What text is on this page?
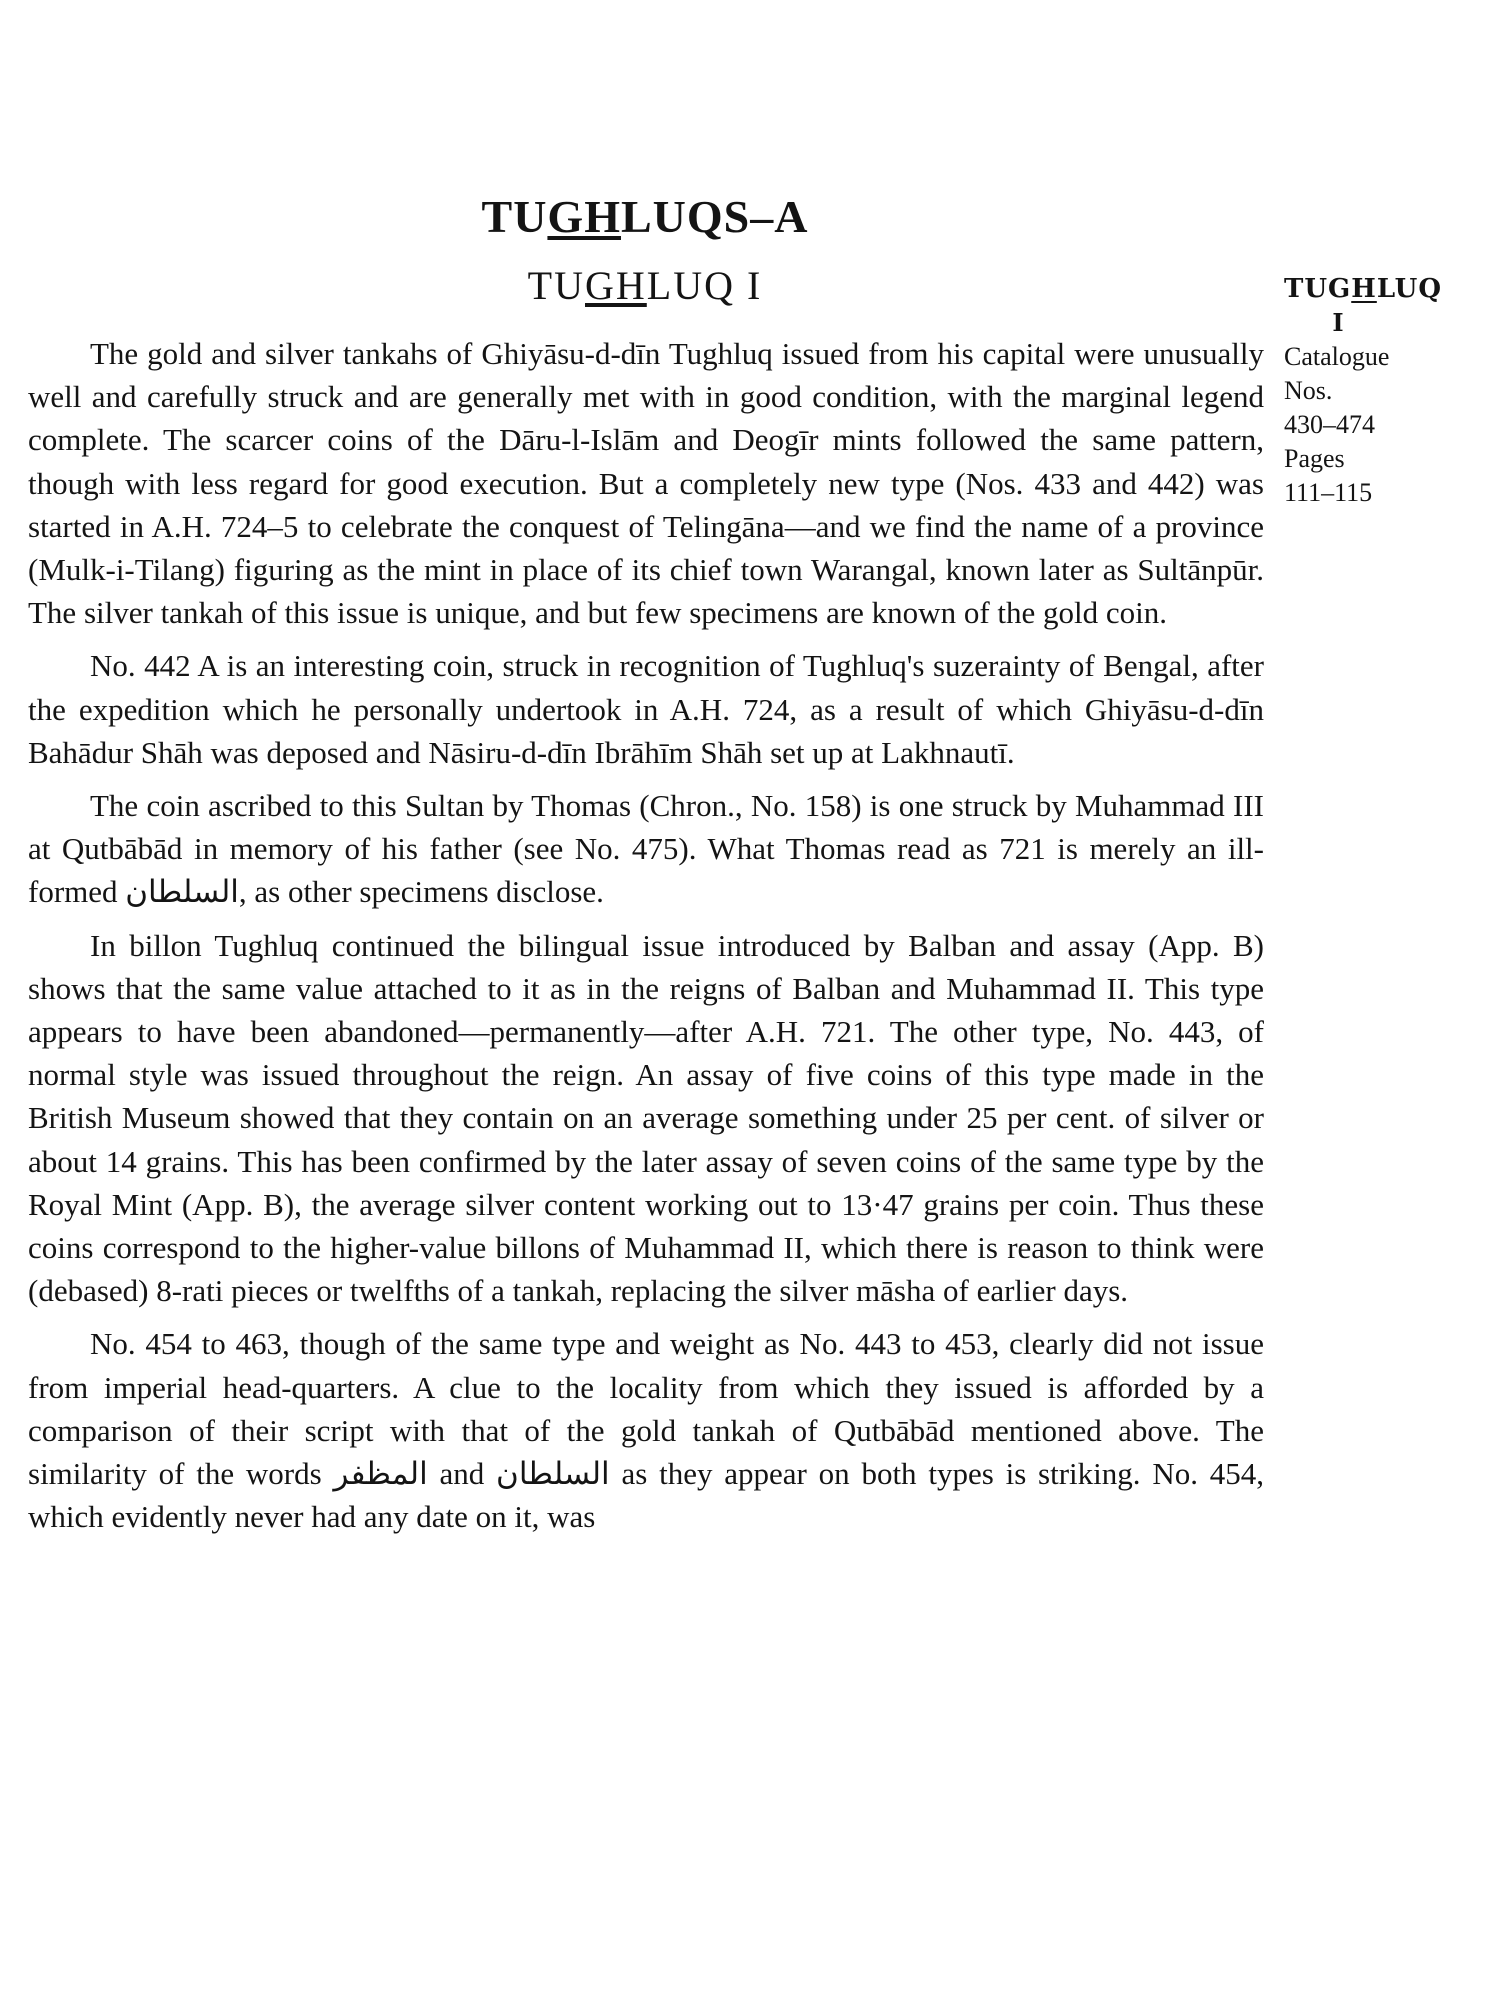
TUGHLUQS–A
TUGHLUQ I	TUGHLUQ
I
Catalogue
Nos.
430–474
Pages
111–115

The gold and silver tankahs of Ghiyāsu-d-dīn Tughluq issued from his capital were unusually well and carefully struck and are generally met with in good condition, with the marginal legend complete. The scarcer coins of the Dāru-l-Islām and Deogīr mints followed the same pattern, though with less regard for good execution. But a completely new type (Nos. 433 and 442) was started in A.H. 724–5 to celebrate the conquest of Telingāna—and we find the name of a province (Mulk-i-Tilang) figuring as the mint in place of its chief town Warangal, known later as Sultānpūr. The silver tankah of this issue is unique, and but few specimens are known of the gold coin.

No. 442 A is an interesting coin, struck in recognition of Tughluq's suzerainty of Bengal, after the expedition which he personally undertook in A.H. 724, as a result of which Ghiyāsu-d-dīn Bahādur Shāh was deposed and Nāsiru-d-dīn Ibrāhīm Shāh set up at Lakhnautī.

The coin ascribed to this Sultan by Thomas (Chron., No. 158) is one struck by Muhammad III at Qutbābād in memory of his father (see No. 475). What Thomas read as 721 is merely an ill-formed السلطان, as other specimens disclose.

In billon Tughluq continued the bilingual issue introduced by Balban and assay (App. B) shows that the same value attached to it as in the reigns of Balban and Muhammad II. This type appears to have been abandoned—permanently—after A.H. 721. The other type, No. 443, of normal style was issued throughout the reign. An assay of five coins of this type made in the British Museum showed that they contain on an average something under 25 per cent. of silver or about 14 grains. This has been confirmed by the later assay of seven coins of the same type by the Royal Mint (App. B), the average silver content working out to 13·47 grains per coin. Thus these coins correspond to the higher-value billons of Muhammad II, which there is reason to think were (debased) 8-rati pieces or twelfths of a tankah, replacing the silver māsha of earlier days.

No. 454 to 463, though of the same type and weight as No. 443 to 453, clearly did not issue from imperial head-quarters. A clue to the locality from which they issued is afforded by a comparison of their script with that of the gold tankah of Qutbābād mentioned above. The similarity of the words المظفر and السلطان as they appear on both types is striking. No. 454, which evidently never had any date on it, was
